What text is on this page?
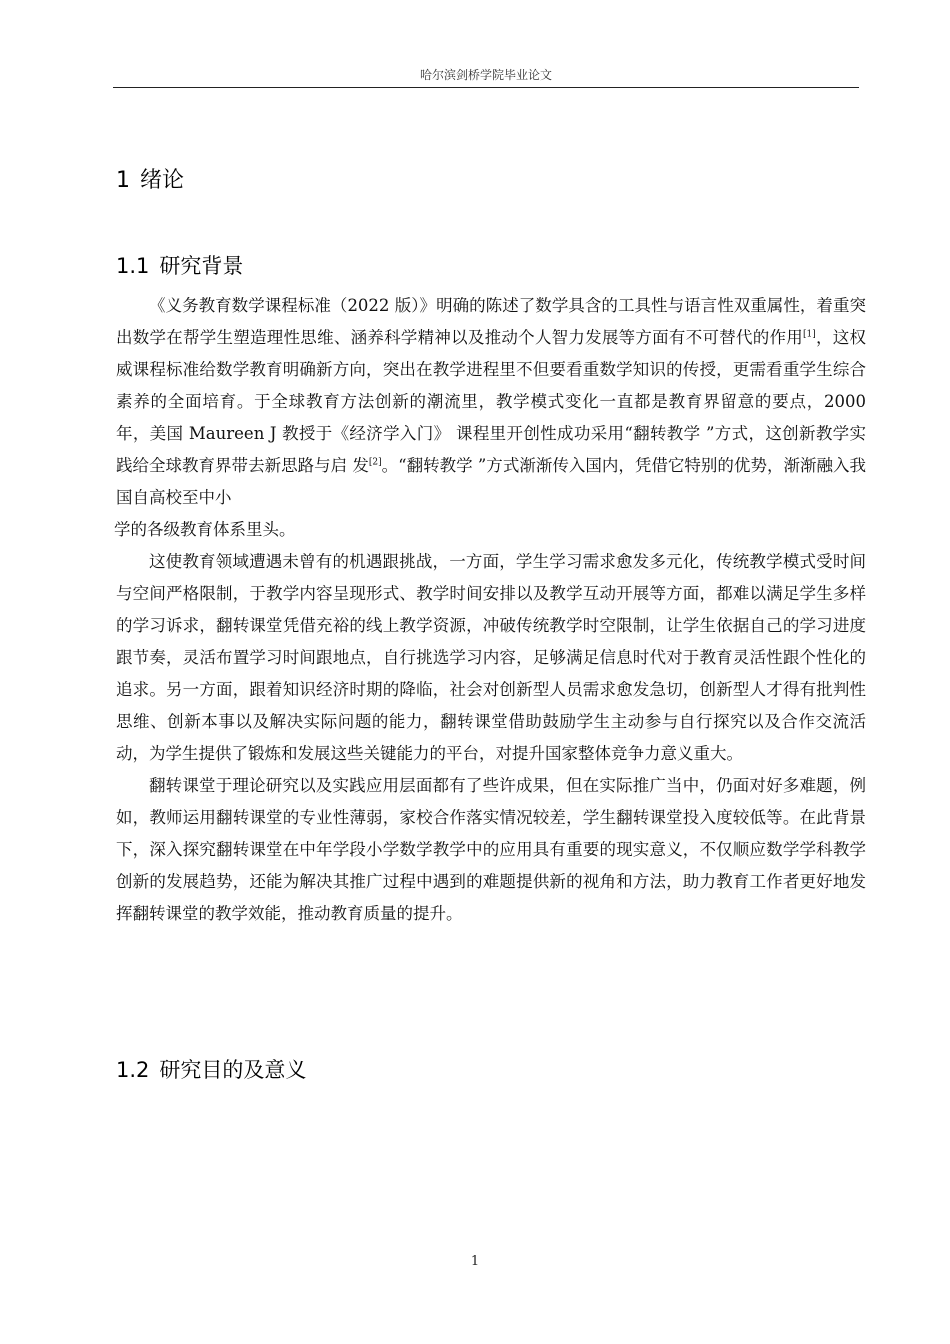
哈尔滨剑桥学院毕业论文
1 绪论
1.1 研究背景

《义务教育数学课程标准（2022 版）》明确的陈述了数学具含的工具性与语言性双重属性，着重突出数学在帮学生塑造理性思维、涵养科学精神以及推动个人智力发展等方面有不可替代的作用[1]，这权威课程标准给数学教育明确新方向，突出在教学进程里不但要看重数学知识的传授，更需看重学生综合素养的全面培育。于全球教育方法创新的潮流里，教学模式变化一直都是教育界留意的要点，2000 年，美国 Maureen J 教授于《经济学入门》 课程里开创性成功采用“翻转教学 ”方式，这创新教学实践给全球教育界带去新思路与启 发[2]。“翻转教学 ”方式渐渐传入国内，凭借它特别的优势，渐渐融入我国自高校至中小

学的各级教育体系里头。

这使教育领域遭遇未曾有的机遇跟挑战，一方面，学生学习需求愈发多元化，传统教学模式受时间与空间严格限制，于教学内容呈现形式、教学时间安排以及教学互动开展等方面，都难以满足学生多样的学习诉求，翻转课堂凭借充裕的线上教学资源，冲破传统教学时空限制，让学生依据自己的学习进度跟节奏，灵活布置学习时间跟地点，自行挑选学习内容，足够满足信息时代对于教育灵活性跟个性化的追求。另一方面，跟着知识经济时期的降临，社会对创新型人员需求愈发急切，创新型人才得有批判性思维、创新本事以及解决实际问题的能力，翻转课堂借助鼓励学生主动参与自行探究以及合作交流活动，为学生提供了锻炼和发展这些关键能力的平台，对提升国家整体竞争力意义重大。

翻转课堂于理论研究以及实践应用层面都有了些许成果，但在实际推广当中，仍面对好多难题，例如，教师运用翻转课堂的专业性薄弱，家校合作落实情况较差，学生翻转课堂投入度较低等。在此背景下，深入探究翻转课堂在中年学段小学数学教学中的应用具有重要的现实意义，不仅顺应数学学科教学创新的发展趋势，还能为解决其推广过程中遇到的难题提供新的视角和方法，助力教育工作者更好地发挥翻转课堂的教学效能，推动教育质量的提升。

1.2 研究目的及意义
1
